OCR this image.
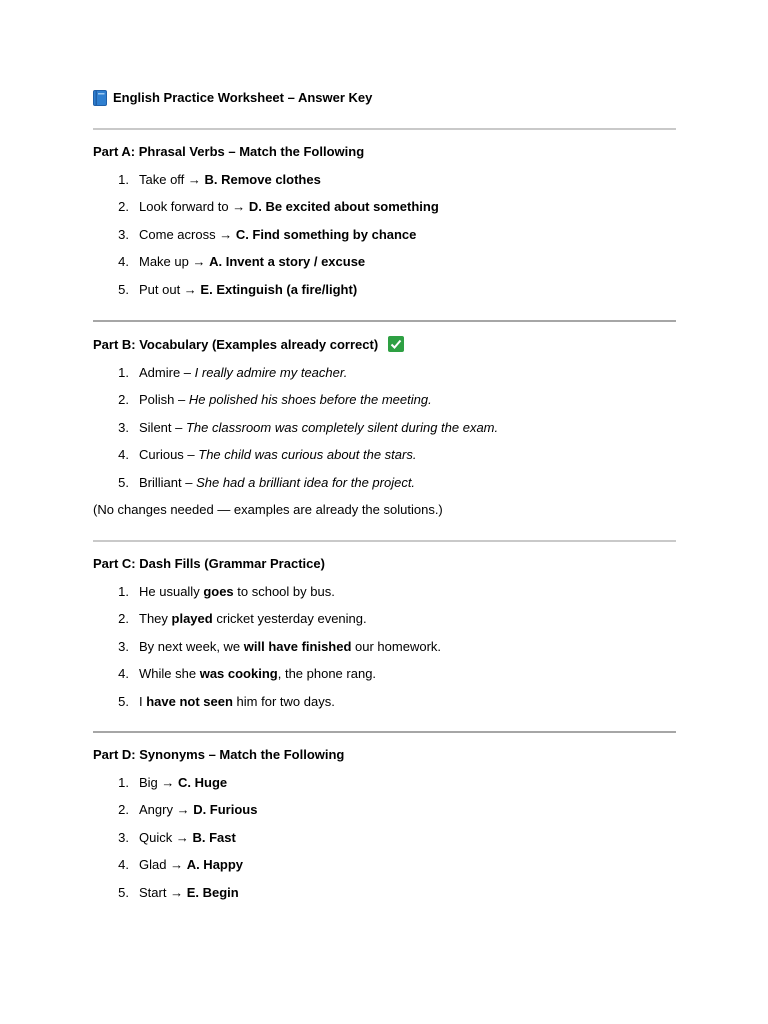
English Practice Worksheet – Answer Key
Part A: Phrasal Verbs – Match the Following
1. Take off → B. Remove clothes
2. Look forward to → D. Be excited about something
3. Come across → C. Find something by chance
4. Make up → A. Invent a story / excuse
5. Put out → E. Extinguish (a fire/light)
Part B: Vocabulary (Examples already correct)
1. Admire – I really admire my teacher.
2. Polish – He polished his shoes before the meeting.
3. Silent – The classroom was completely silent during the exam.
4. Curious – The child was curious about the stars.
5. Brilliant – She had a brilliant idea for the project.
(No changes needed — examples are already the solutions.)
Part C: Dash Fills (Grammar Practice)
1. He usually goes to school by bus.
2. They played cricket yesterday evening.
3. By next week, we will have finished our homework.
4. While she was cooking, the phone rang.
5. I have not seen him for two days.
Part D: Synonyms – Match the Following
1. Big → C. Huge
2. Angry → D. Furious
3. Quick → B. Fast
4. Glad → A. Happy
5. Start → E. Begin
